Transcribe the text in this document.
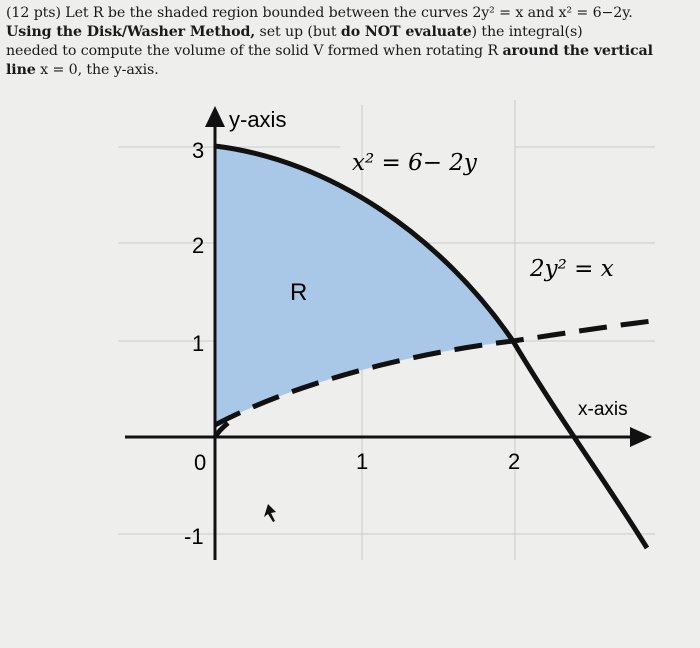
(12 pts) Let R be the shaded region bounded between the curves 2y² = x and x² = 6−2y.
Using the Disk/Washer Method, set up (but do NOT evaluate) the integral(s)
needed to compute the volume of the solid V formed when rotating R around the vertical
line x = 0, the y-axis.
y-axis
x-axis
R
x² = 6− 2y
2y² = x
3
2
1
-1
0	1	2
